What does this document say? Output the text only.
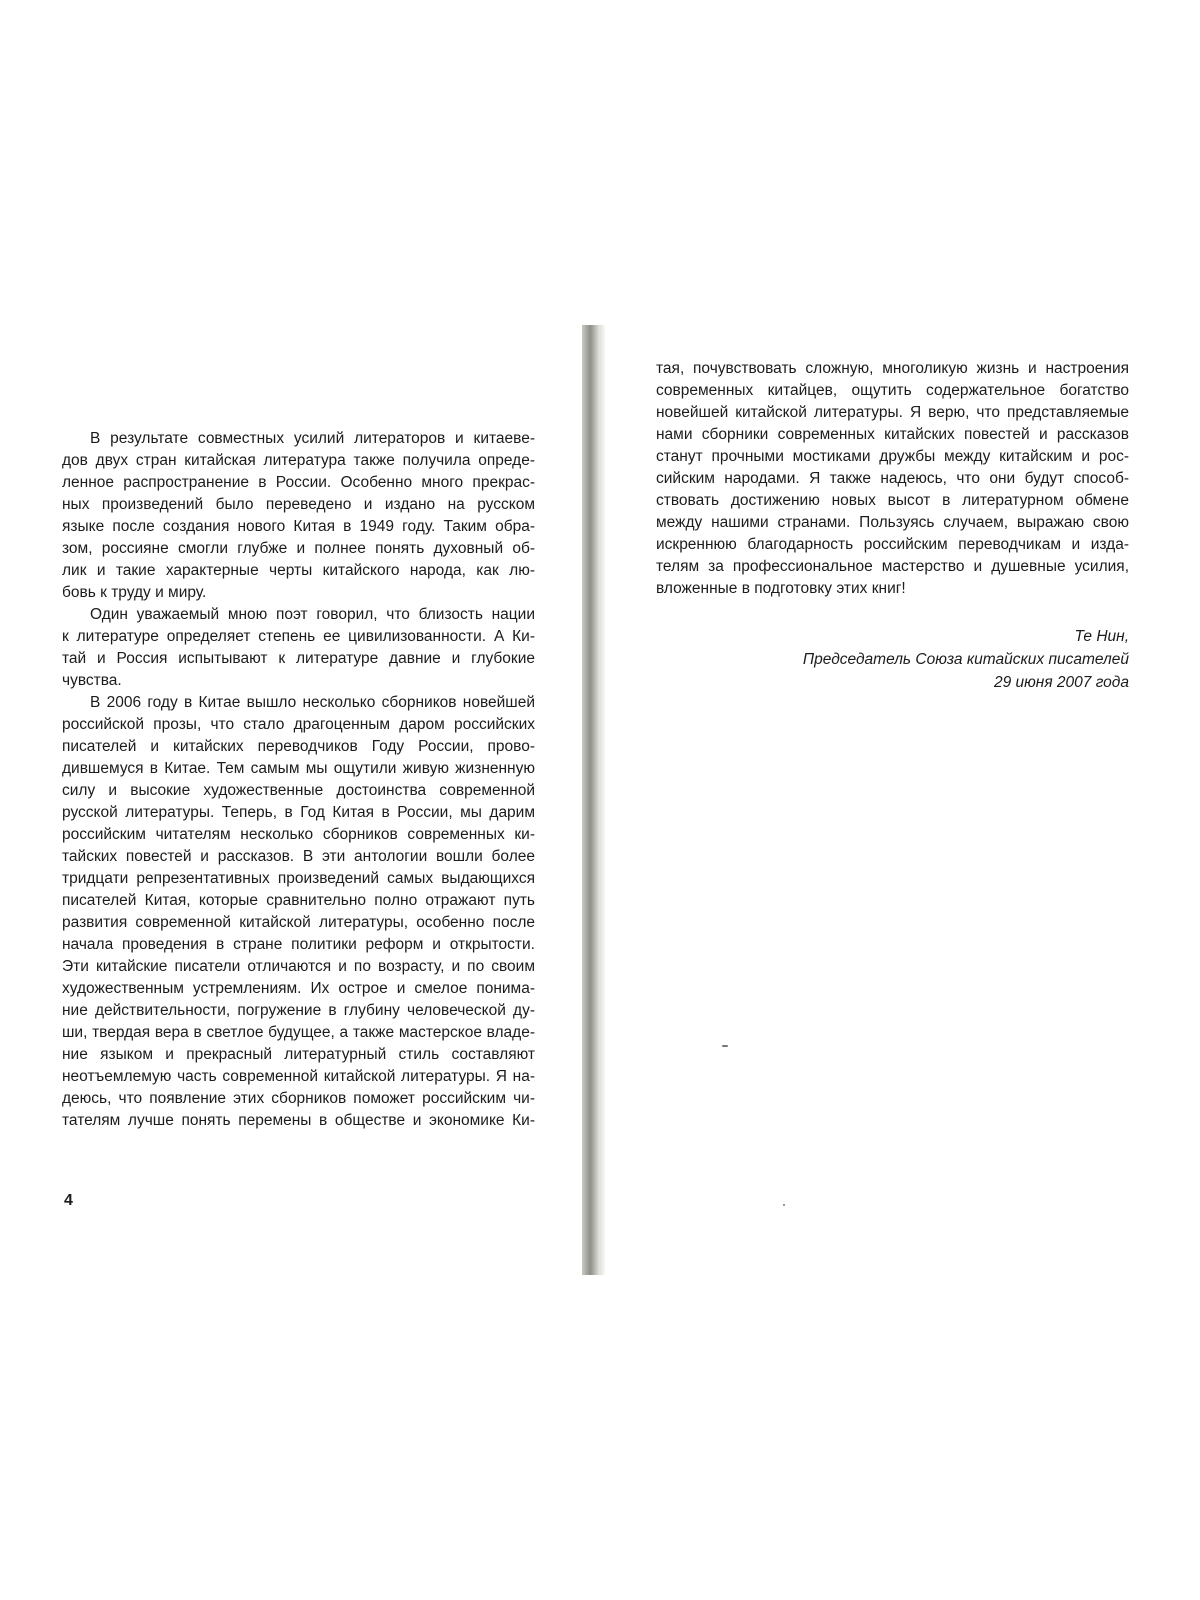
В результате совместных усилий литераторов и китаеве-
дов двух стран китайская литература также получила опреде-
ленное распространение в России. Особенно много прекрас-
ных произведений было переведено и издано на русском
языке после создания нового Китая в 1949 году. Таким обра-
зом, россияне смогли глубже и полнее понять духовный об-
лик и такие характерные черты китайского народа, как лю-
бовь к труду и миру.
Один уважаемый мною поэт говорил, что близость нации
к литературе определяет степень ее цивилизованности. А Ки-
тай и Россия испытывают к литературе давние и глубокие
чувства.
В 2006 году в Китае вышло несколько сборников новейшей
российской прозы, что стало драгоценным даром российских
писателей и китайских переводчиков Году России, прово-
дившемуся в Китае. Тем самым мы ощутили живую жизненную
силу и высокие художественные достоинства современной
русской литературы. Теперь, в Год Китая в России, мы дарим
российским читателям несколько сборников современных ки-
тайских повестей и рассказов. В эти антологии вошли более
тридцати репрезентативных произведений самых выдающихся
писателей Китая, которые сравнительно полно отражают путь
развития современной китайской литературы, особенно после
начала проведения в стране политики реформ и открытости.
Эти китайские писатели отличаются и по возрасту, и по своим
художественным устремлениям. Их острое и смелое понима-
ние действительности, погружение в глубину человеческой ду-
ши, твердая вера в светлое будущее, а также мастерское владе-
ние языком и прекрасный литературный стиль составляют
неотъемлемую часть современной китайской литературы. Я на-
деюсь, что появление этих сборников поможет российским чи-
тателям лучше понять перемены в обществе и экономике Ки-
4
тая, почувствовать сложную, многоликую жизнь и настроения
современных китайцев, ощутить содержательное богатство
новейшей китайской литературы. Я верю, что представляемые
нами сборники современных китайских повестей и рассказов
станут прочными мостиками дружбы между китайским и рос-
сийским народами. Я также надеюсь, что они будут способ-
ствовать достижению новых высот в литературном обмене
между нашими странами. Пользуясь случаем, выражаю свою
искреннюю благодарность российским переводчикам и изда-
телям за профессиональное мастерство и душевные усилия,
вложенные в подготовку этих книг!
Те Нин,
Председатель Союза китайских писателей
29 июня 2007 года
